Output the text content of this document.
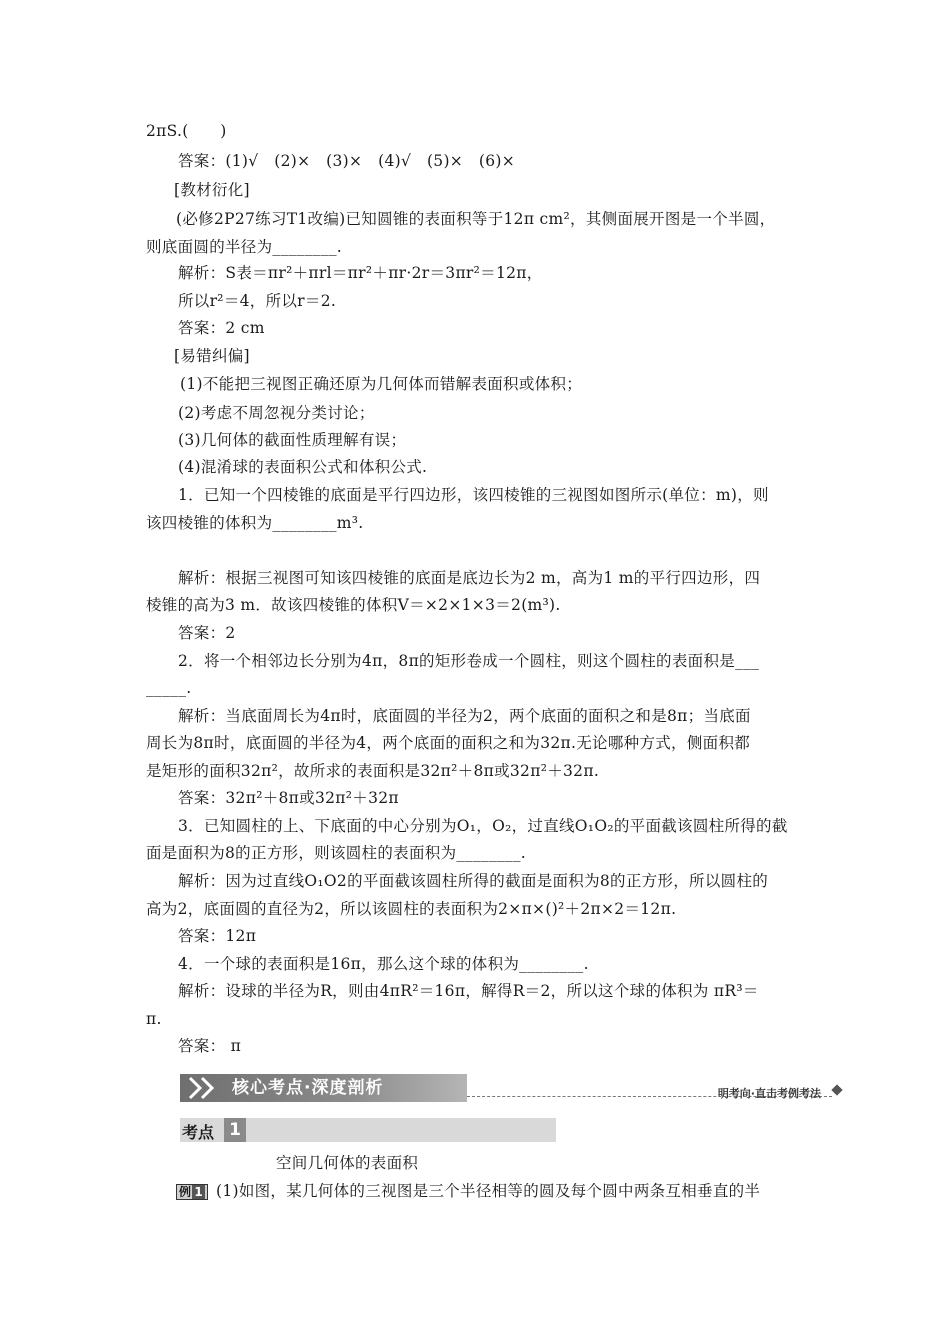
2πS.(　　)
答案：(1)√　(2)×　(3)×　(4)√　(5)×　(6)×
[教材衍化]
(必修2P27练习T1改编)已知圆锥的表面积等于12π cm²，其侧面展开图是一个半圆，
则底面圆的半径为________.
解析：S表＝πr²＋πrl＝πr²＋πr·2r＝3πr²＝12π，
所以r²＝4，所以r＝2.
答案：2 cm
[易错纠偏]
(1)不能把三视图正确还原为几何体而错解表面积或体积；
(2)考虑不周忽视分类讨论；
(3)几何体的截面性质理解有误；
(4)混淆球的表面积公式和体积公式.
1．已知一个四棱锥的底面是平行四边形，该四棱锥的三视图如图所示(单位：m)，则
该四棱锥的体积为________m³.
解析：根据三视图可知该四棱锥的底面是底边长为2 m，高为1 m的平行四边形，四
棱锥的高为3 m．故该四棱锥的体积V＝×2×1×3＝2(m³).
答案：2
2．将一个相邻边长分别为4π，8π的矩形卷成一个圆柱，则这个圆柱的表面积是___
_____.
解析：当底面周长为4π时，底面圆的半径为2，两个底面的面积之和是8π；当底面
周长为8π时，底面圆的半径为4，两个底面的面积之和为32π.无论哪种方式，侧面积都
是矩形的面积32π²，故所求的表面积是32π²＋8π或32π²＋32π.
答案：32π²＋8π或32π²＋32π
3．已知圆柱的上、下底面的中心分别为O₁，O₂，过直线O₁O₂的平面截该圆柱所得的截
面是面积为8的正方形，则该圆柱的表面积为________.
解析：因为过直线O₁O2的平面截该圆柱所得的截面是面积为8的正方形，所以圆柱的
高为2，底面圆的直径为2，所以该圆柱的表面积为2×π×()²＋2π×2＝12π.
答案：12π
4．一个球的表面积是16π，那么这个球的体积为________.
解析：设球的半径为R，则由4πR²＝16π，解得R＝2，所以这个球的体积为 πR³＝
π.
答案： π
核心考点·深度剖析	明考向·直击考例考法
考点 1
空间几何体的表面积
例 1 (1)如图，某几何体的三视图是三个半径相等的圆及每个圆中两条互相垂直的半
